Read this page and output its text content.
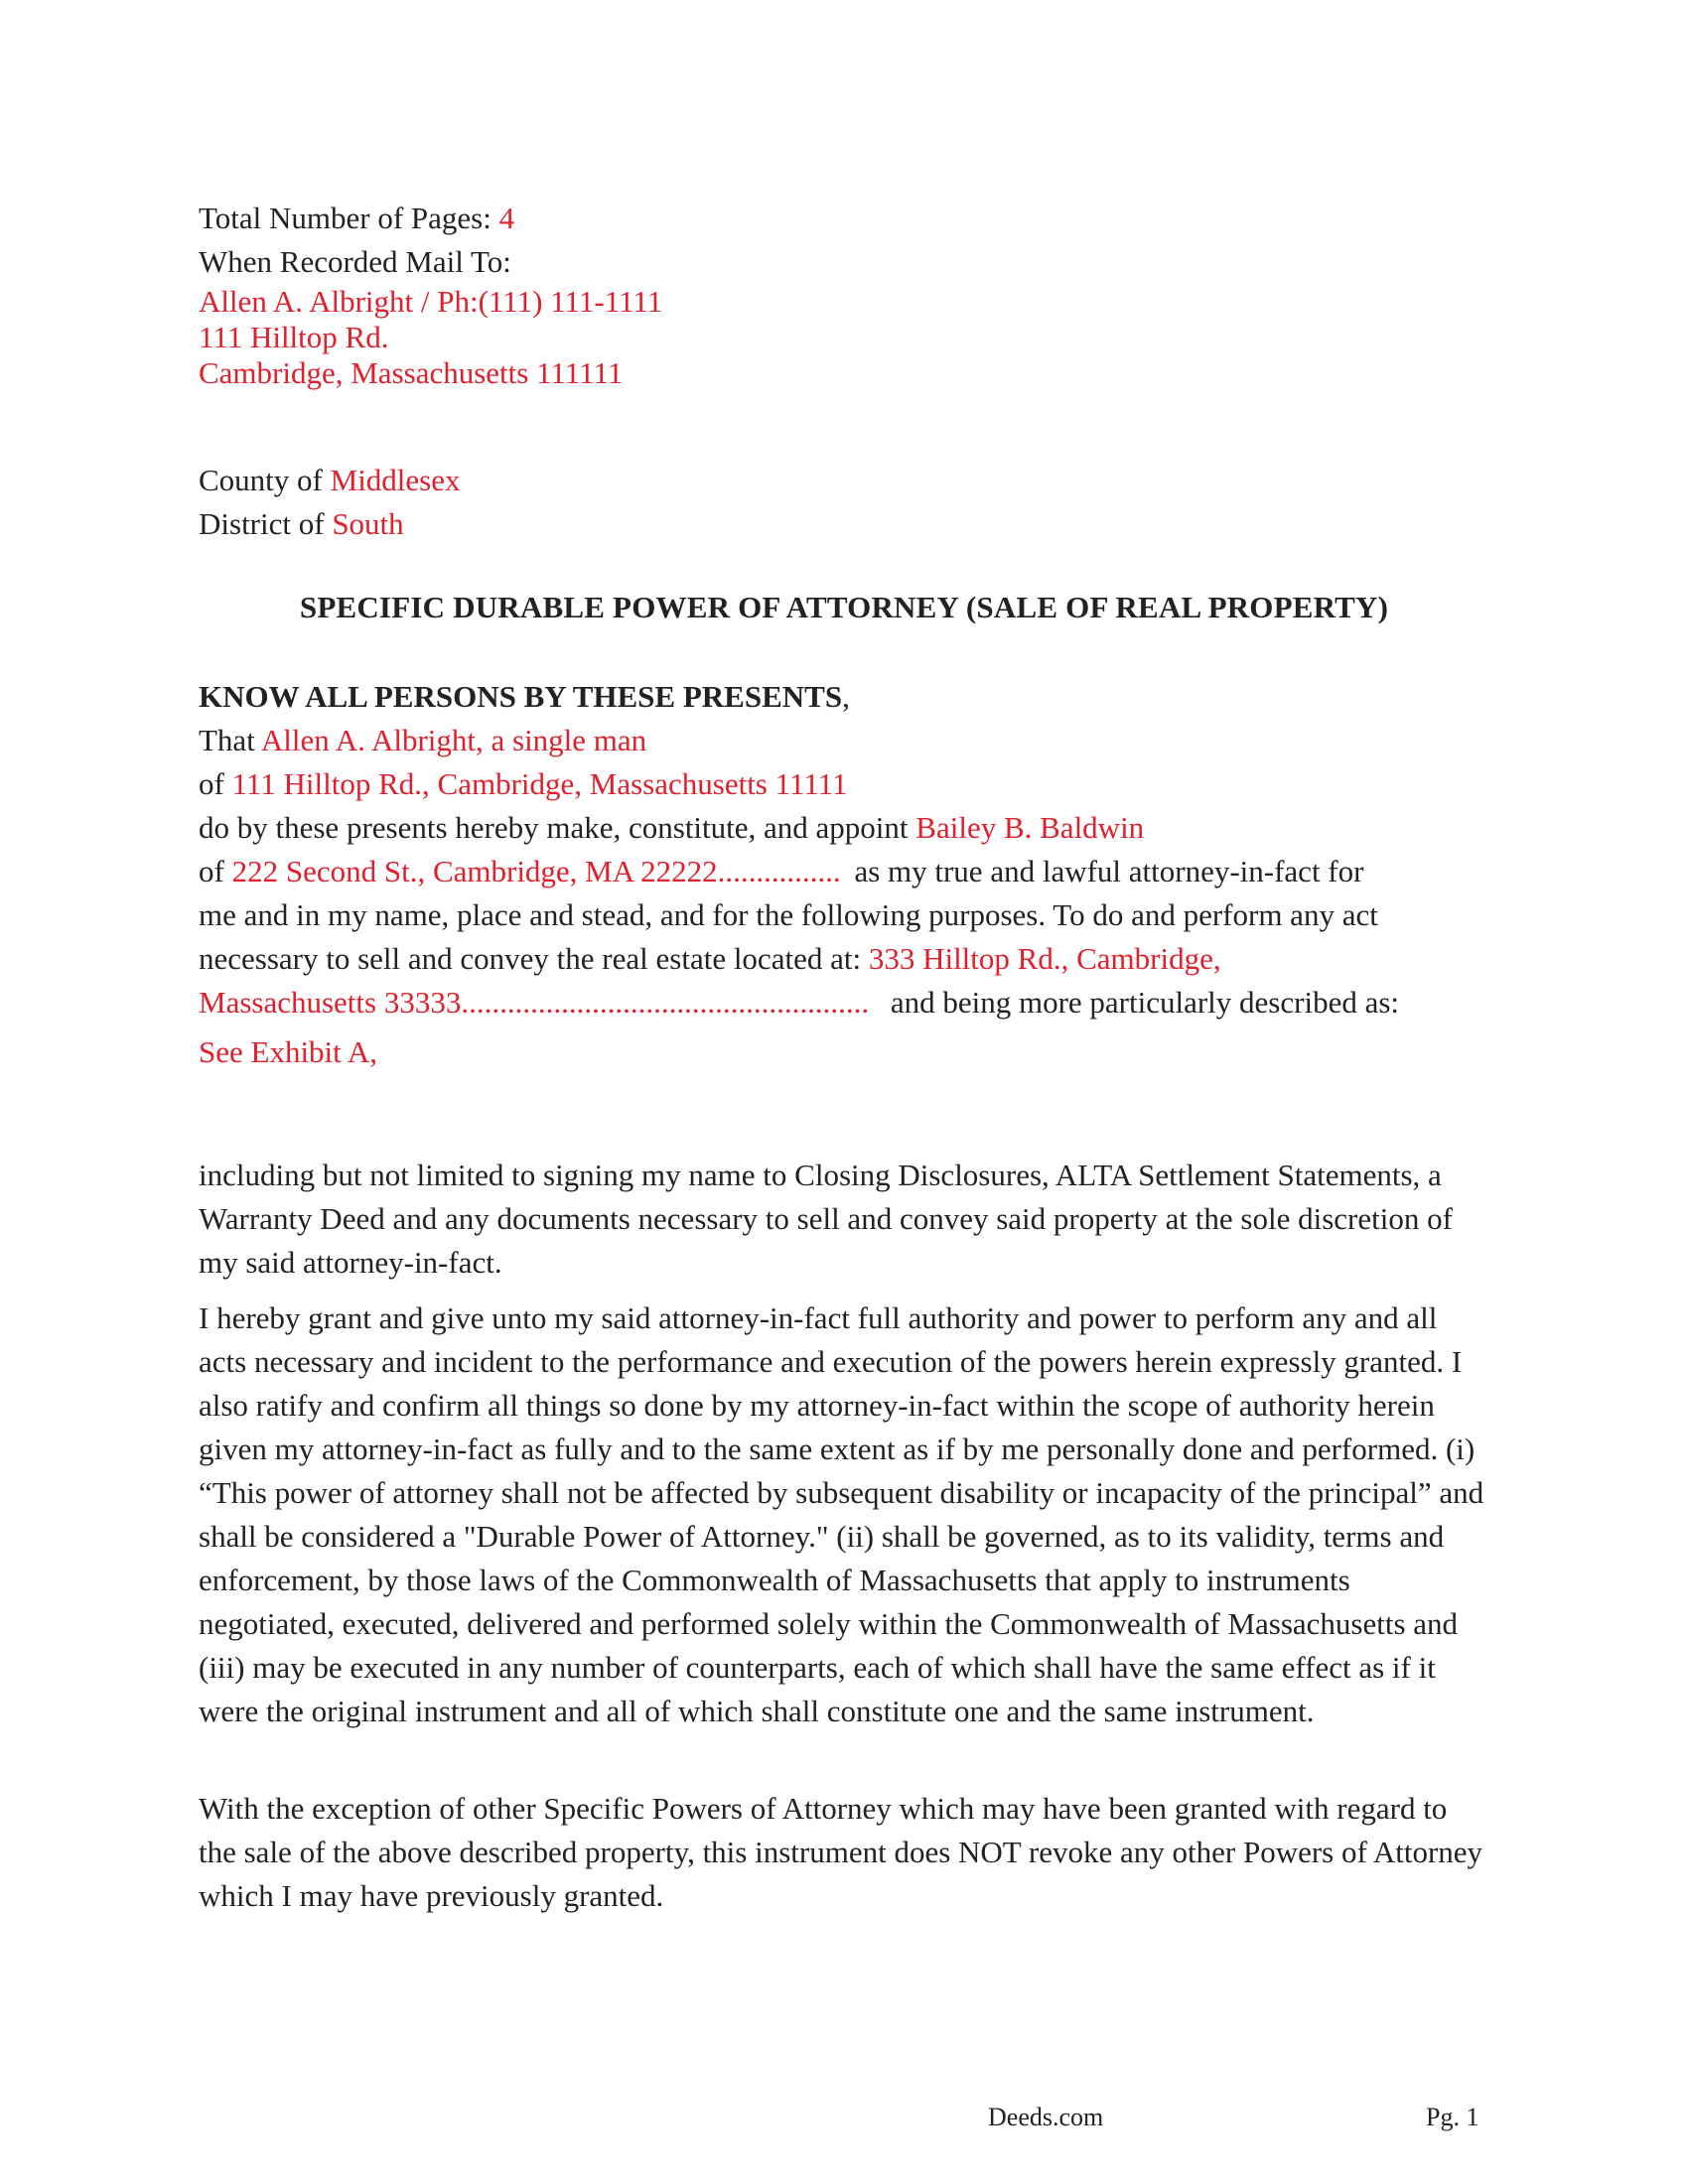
Total Number of Pages: 4
When Recorded Mail To:
Allen A. Albright / Ph:(111) 111-1111
111 Hilltop Rd.
Cambridge, Massachusetts 111111
County of Middlesex
District of South
SPECIFIC DURABLE POWER OF ATTORNEY (SALE OF REAL PROPERTY)
KNOW ALL PERSONS BY THESE PRESENTS,
That Allen A. Albright, a single man
of 111 Hilltop Rd., Cambridge, Massachusetts 11111
do by these presents hereby make, constitute, and appoint Bailey B. Baldwin
of 222 Second St., Cambridge, MA 22222................ as my true and lawful attorney-in-fact for
me and in my name, place and stead, and for the following purposes. To do and perform any act
necessary to sell and convey the real estate located at: 333 Hilltop Rd., Cambridge,
Massachusetts 33333..................................................... and being more particularly described as:
See Exhibit A,
including but not limited to signing my name to Closing Disclosures, ALTA Settlement Statements, a Warranty Deed and any documents necessary to sell and convey said property at the sole discretion of my said attorney-in-fact.
I hereby grant and give unto my said attorney-in-fact full authority and power to perform any and all acts necessary and incident to the performance and execution of the powers herein expressly granted. I also ratify and confirm all things so done by my attorney-in-fact within the scope of authority herein given my attorney-in-fact as fully and to the same extent as if by me personally done and performed. (i) “This power of attorney shall not be affected by subsequent disability or incapacity of the principal” and shall be considered a "Durable Power of Attorney." (ii) shall be governed, as to its validity, terms and enforcement, by those laws of the Commonwealth of Massachusetts that apply to instruments negotiated, executed, delivered and performed solely within the Commonwealth of Massachusetts and (iii) may be executed in any number of counterparts, each of which shall have the same effect as if it were the original instrument and all of which shall constitute one and the same instrument.
With the exception of other Specific Powers of Attorney which may have been granted with regard to the sale of the above described property, this instrument does NOT revoke any other Powers of Attorney which I may have previously granted.
Deeds.com	Pg. 1
